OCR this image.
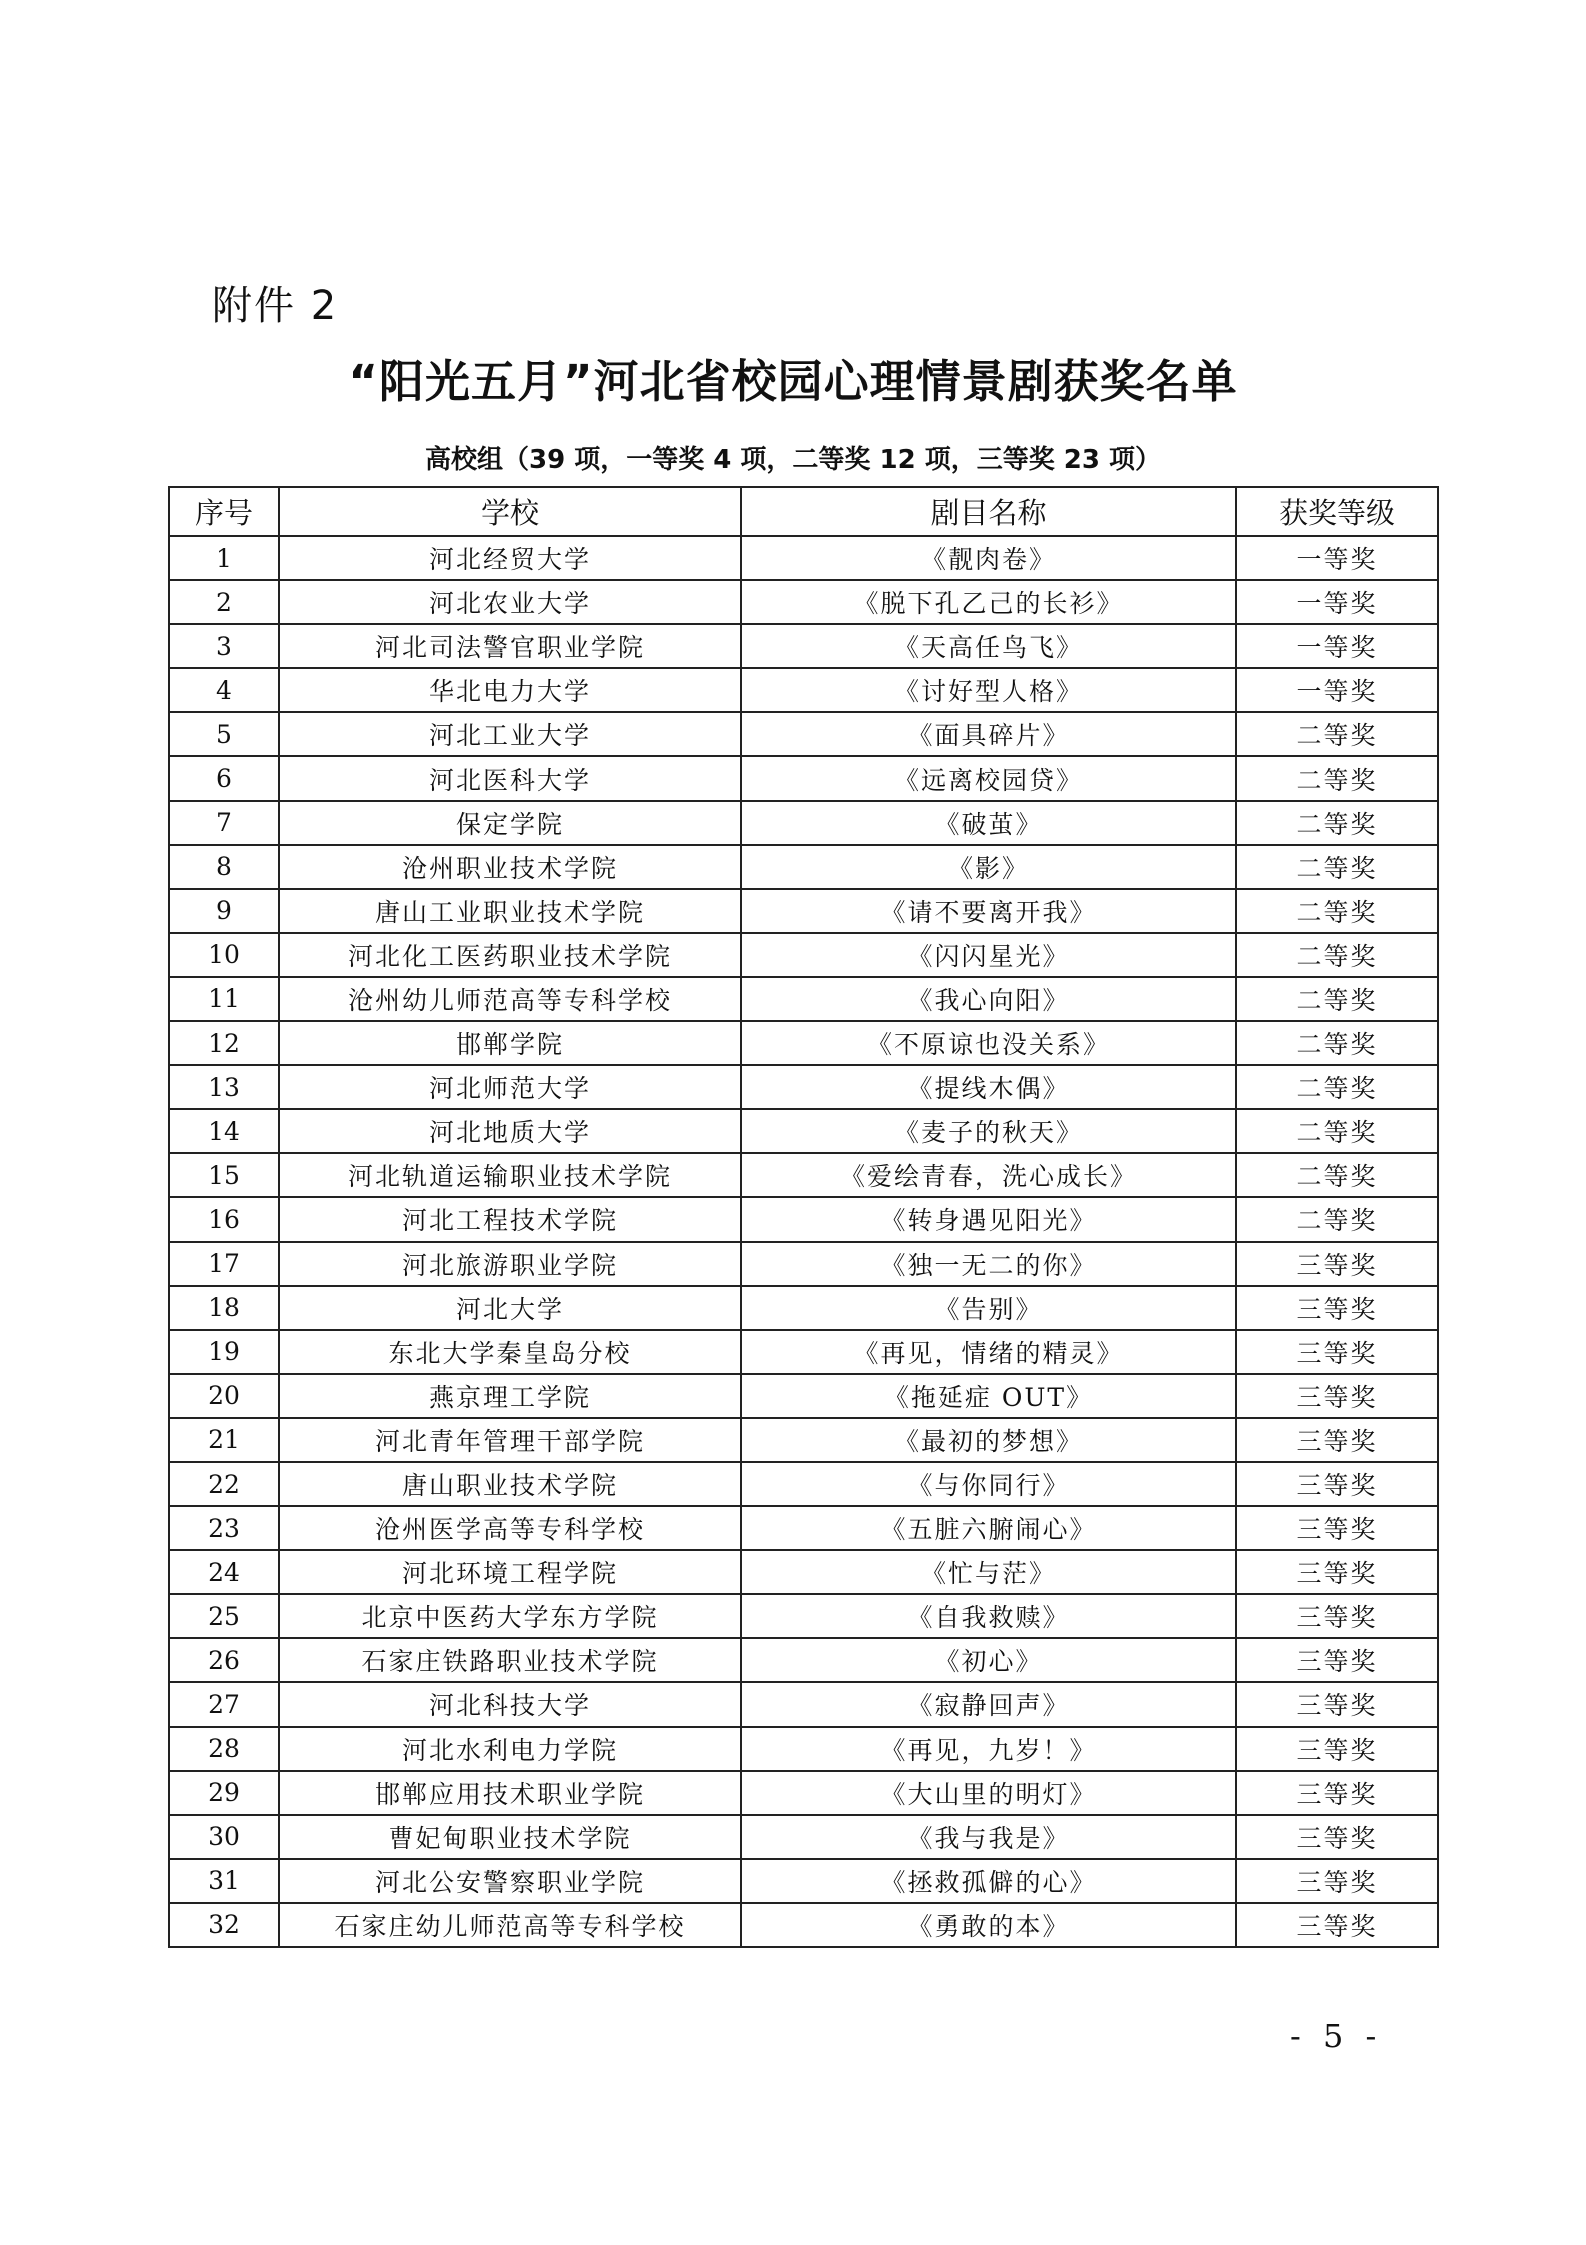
附件 2
“阳光五月”河北省校园心理情景剧获奖名单
高校组（39 项，一等奖 4 项，二等奖 12 项，三等奖 23 项）
序号	学校	剧目名称	获奖等级
1	河北经贸大学	《靓肉卷》	一等奖
2	河北农业大学	《脱下孔乙己的长衫》	一等奖
3	河北司法警官职业学院	《天高任鸟飞》	一等奖
4	华北电力大学	《讨好型人格》	一等奖
5	河北工业大学	《面具碎片》	二等奖
6	河北医科大学	《远离校园贷》	二等奖
7	保定学院	《破茧》	二等奖
8	沧州职业技术学院	《影》	二等奖
9	唐山工业职业技术学院	《请不要离开我》	二等奖
10	河北化工医药职业技术学院	《闪闪星光》	二等奖
11	沧州幼儿师范高等专科学校	《我心向阳》	二等奖
12	邯郸学院	《不原谅也没关系》	二等奖
13	河北师范大学	《提线木偶》	二等奖
14	河北地质大学	《麦子的秋天》	二等奖
15	河北轨道运输职业技术学院	《爱绘青春，洗心成长》	二等奖
16	河北工程技术学院	《转身遇见阳光》	二等奖
17	河北旅游职业学院	《独一无二的你》	三等奖
18	河北大学	《告别》	三等奖
19	东北大学秦皇岛分校	《再见，情绪的精灵》	三等奖
20	燕京理工学院	《拖延症 OUT》	三等奖
21	河北青年管理干部学院	《最初的梦想》	三等奖
22	唐山职业技术学院	《与你同行》	三等奖
23	沧州医学高等专科学校	《五脏六腑闹心》	三等奖
24	河北环境工程学院	《忙与茫》	三等奖
25	北京中医药大学东方学院	《自我救赎》	三等奖
26	石家庄铁路职业技术学院	《初心》	三等奖
27	河北科技大学	《寂静回声》	三等奖
28	河北水利电力学院	《再见，九岁！》	三等奖
29	邯郸应用技术职业学院	《大山里的明灯》	三等奖
30	曹妃甸职业技术学院	《我与我是》	三等奖
31	河北公安警察职业学院	《拯救孤僻的心》	三等奖
32	石家庄幼儿师范高等专科学校	《勇敢的本》	三等奖
- 5 -
